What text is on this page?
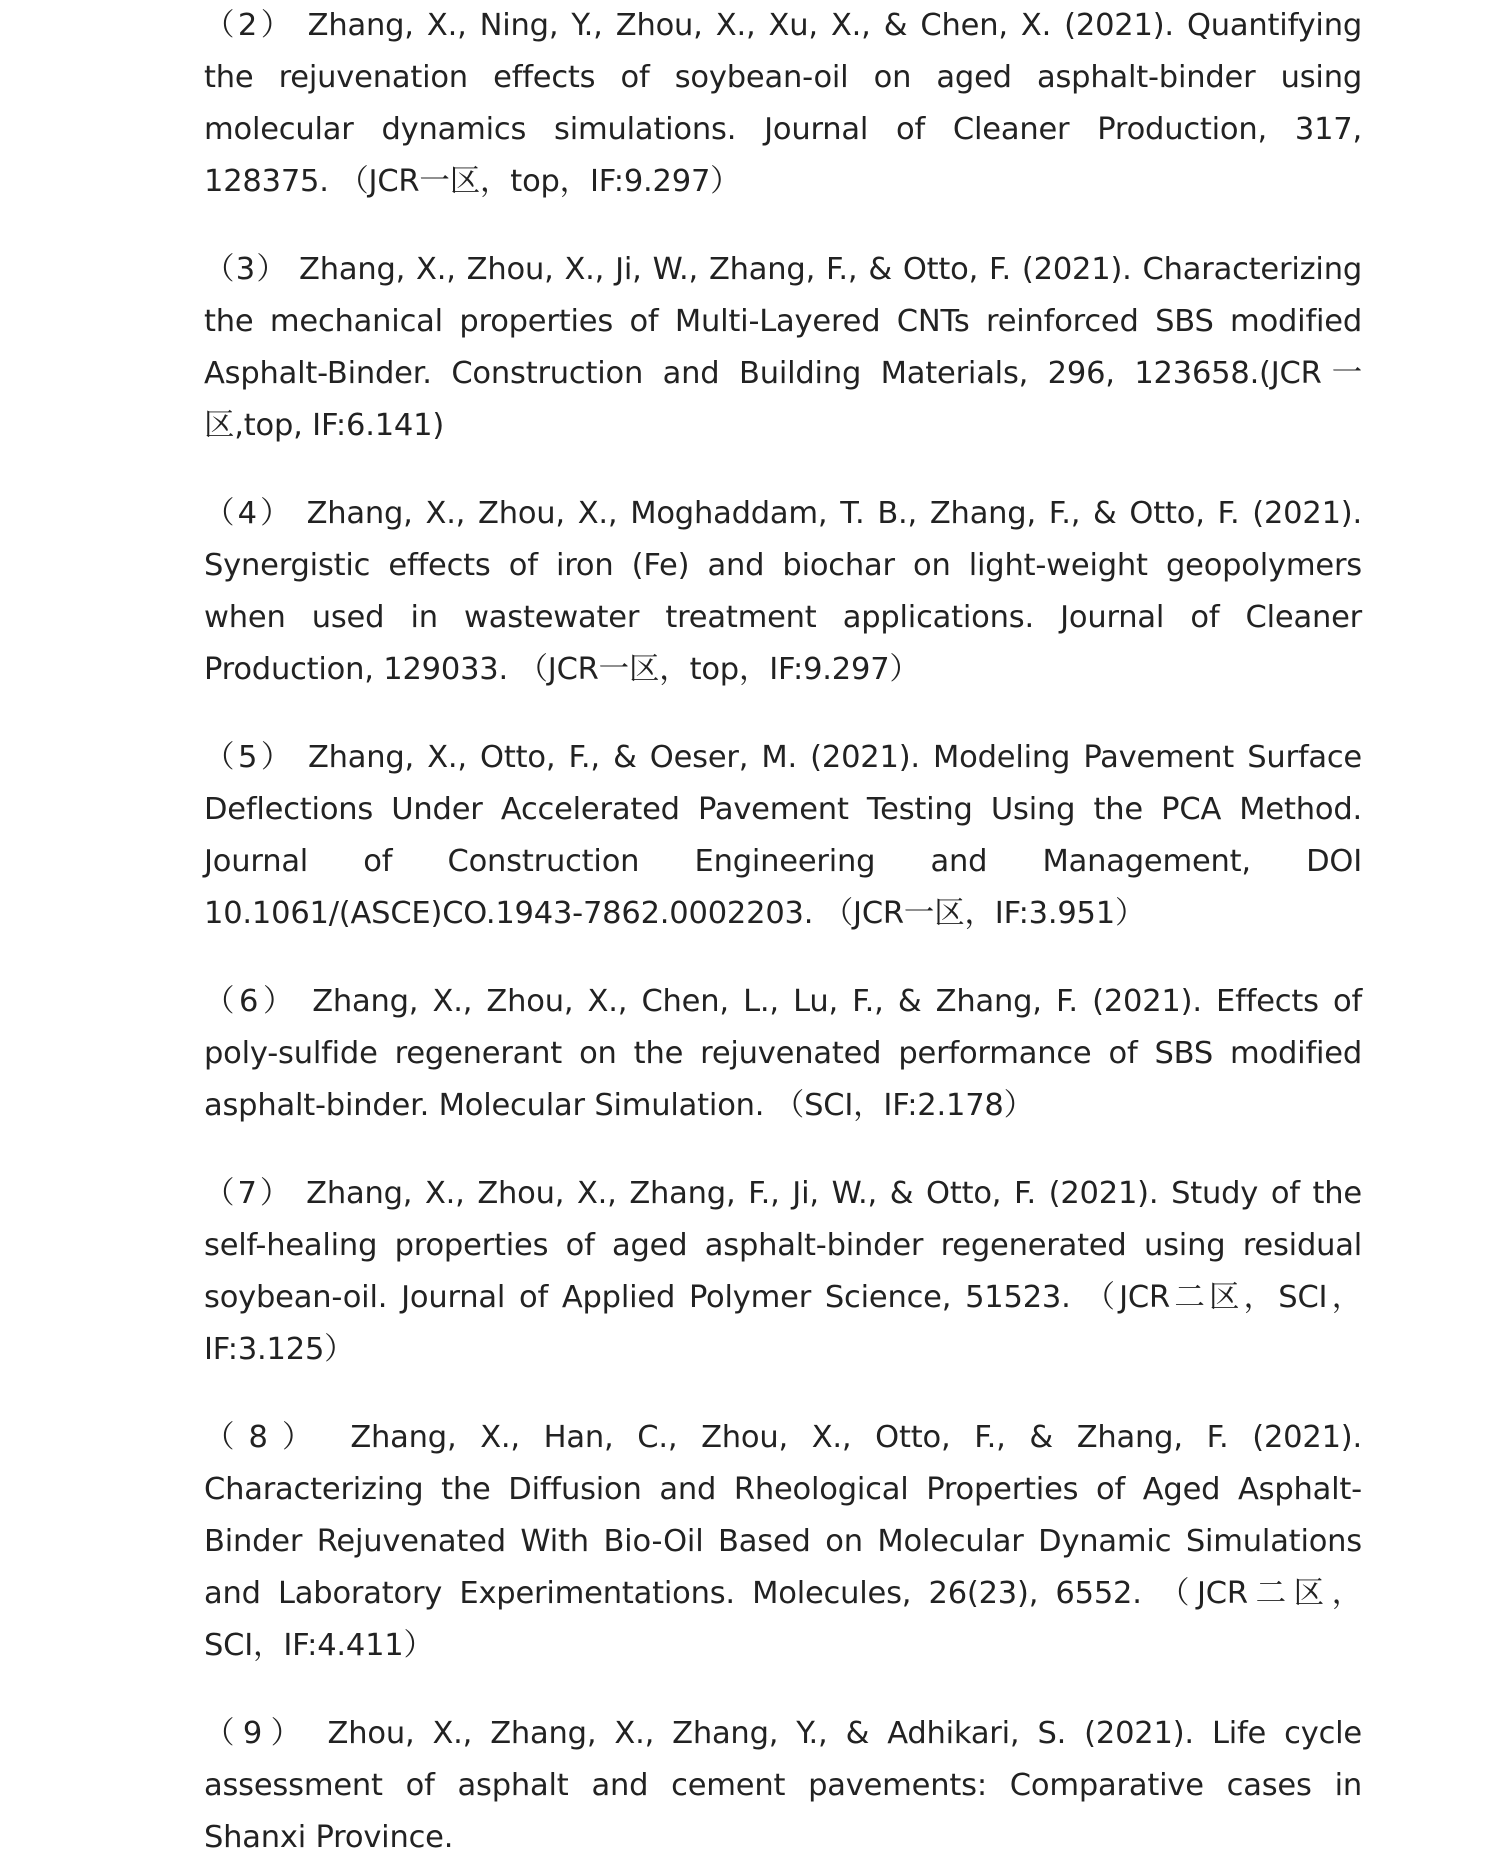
（2） Zhang, X., Ning, Y., Zhou, X., Xu, X., & Chen, X. (2021). Quantifying the rejuvenation effects of soybean-oil on aged asphalt-binder using molecular dynamics simulations. Journal of Cleaner Production, 317, 128375. （JCR一区，top，IF:9.297）

（3） Zhang, X., Zhou, X., Ji, W., Zhang, F., & Otto, F. (2021). Characterizing the mechanical properties of Multi-Layered CNTs reinforced SBS modified Asphalt-Binder. Construction and Building Materials, 296, 123658.(JCR一区,top, IF:6.141)

（4） Zhang, X., Zhou, X., Moghaddam, T. B., Zhang, F., & Otto, F. (2021). Synergistic effects of iron (Fe) and biochar on light-weight geopolymers when used in wastewater treatment applications. Journal of Cleaner Production, 129033. （JCR一区，top，IF:9.297）

（5） Zhang, X., Otto, F., & Oeser, M. (2021). Modeling Pavement Surface Deflections Under Accelerated Pavement Testing Using the PCA Method. Journal of Construction Engineering and Management, DOI 10.1061/(ASCE)CO.1943-7862.0002203. （JCR一区，IF:3.951）

（6） Zhang, X., Zhou, X., Chen, L., Lu, F., & Zhang, F. (2021). Effects of poly-sulfide regenerant on the rejuvenated performance of SBS modified asphalt-binder. Molecular Simulation. （SCI，IF:2.178）

（7） Zhang, X., Zhou, X., Zhang, F., Ji, W., & Otto, F. (2021). Study of the self-healing properties of aged asphalt-binder regenerated using residual soybean-oil. Journal of Applied Polymer Science, 51523. （JCR二区，SCI，IF:3.125）

（8） Zhang, X., Han, C., Zhou, X., Otto, F., & Zhang, F. (2021). Characterizing the Diffusion and Rheological Properties of Aged Asphalt-Binder Rejuvenated With Bio-Oil Based on Molecular Dynamic Simulations and Laboratory Experimentations. Molecules, 26(23), 6552. （JCR二区，SCI，IF:4.411）

（9） Zhou, X., Zhang, X., Zhang, Y., & Adhikari, S. (2021). Life cycle assessment of asphalt and cement pavements: Comparative cases in Shanxi Province.
